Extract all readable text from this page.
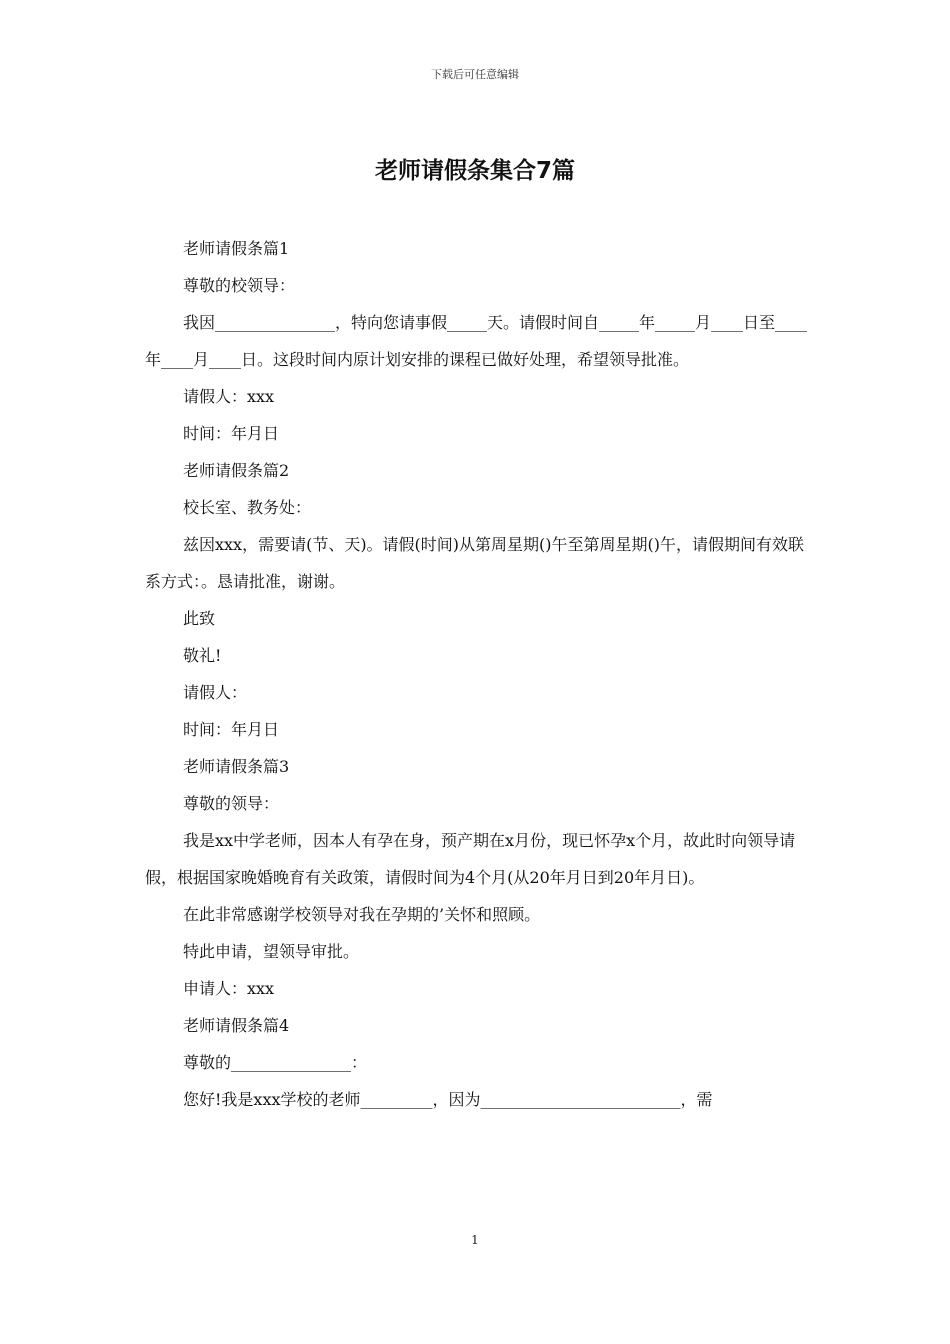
下载后可任意编辑
老师请假条集合7篇

老师请假条篇1

尊敬的校领导：

我因_______________，特向您请事假_____天。请假时间自_____年_____月____日至____年____月____日。这段时间内原计划安排的课程已做好处理，希望领导批准。

请假人：xxx

时间：年月日

老师请假条篇2

校长室、教务处：

兹因xxx，需要请(节、天)。请假(时间)从第周星期()午至第周星期()午，请假期间有效联系方式：。恳请批准，谢谢。

此致

敬礼!

请假人：

时间：年月日

老师请假条篇3

尊敬的领导：

我是xx中学老师，因本人有孕在身，预产期在x月份，现已怀孕x个月，故此时向领导请假，根据国家晚婚晚育有关政策，请假时间为4个月(从20年月日到20年月日)。

在此非常感谢学校领导对我在孕期的’关怀和照顾。

特此申请，望领导审批。

申请人：xxx

老师请假条篇4

尊敬的_______________：

您好!我是xxx学校的老师_________，因为_________________________，需

1
